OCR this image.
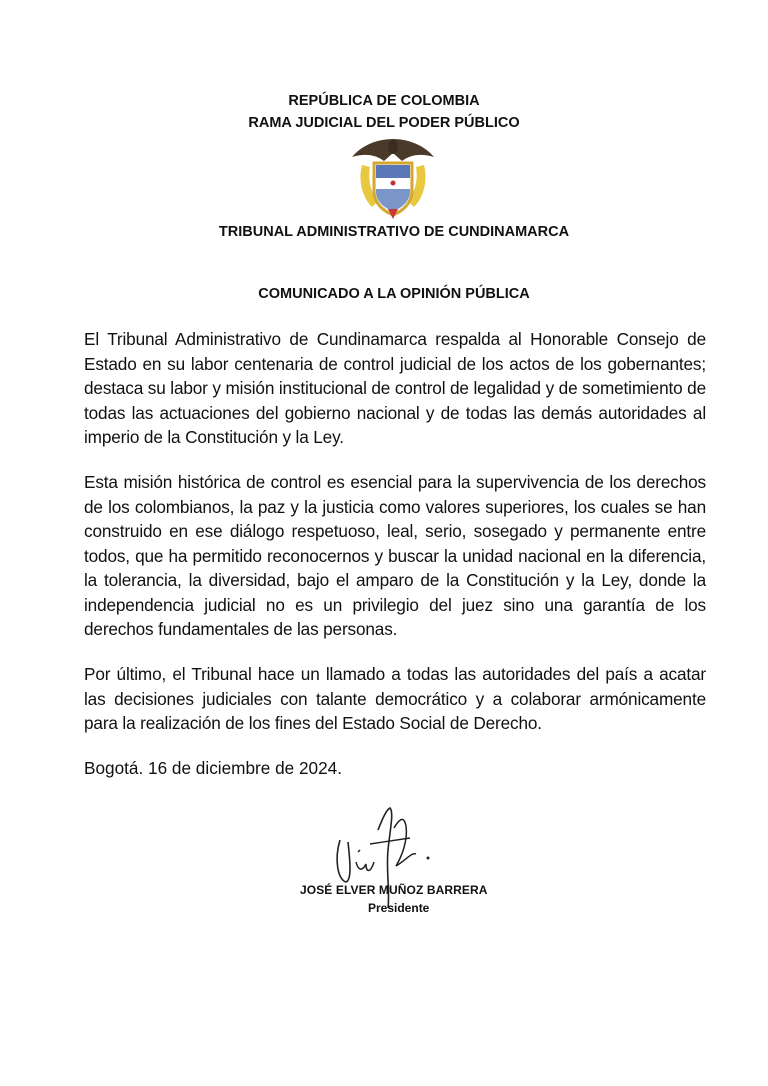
REPÚBLICA DE COLOMBIA
RAMA JUDICIAL DEL PODER PÚBLICO
TRIBUNAL ADMINISTRATIVO DE CUNDINAMARCA
COMUNICADO A LA OPINIÓN PÚBLICA

El Tribunal Administrativo de Cundinamarca respalda al Honorable Consejo de Estado en su labor centenaria de control judicial de los actos de los gobernantes; destaca su labor y misión institucional de control de legalidad y de sometimiento de todas las actuaciones del gobierno nacional y de todas las demás autoridades al imperio de la Constitución y la Ley.

Esta misión histórica de control es esencial para la supervivencia de los derechos de los colombianos, la paz y la justicia como valores superiores, los cuales se han construido en ese diálogo respetuoso, leal, serio, sosegado y permanente entre todos, que ha permitido reconocernos y buscar la unidad nacional en la diferencia, la tolerancia, la diversidad, bajo el amparo de la Constitución y la Ley, donde la independencia judicial no es un privilegio del juez sino una garantía de los derechos fundamentales de las personas.

Por último, el Tribunal hace un llamado a todas las autoridades del país a acatar las decisiones judiciales con talante democrático y a colaborar armónicamente para la realización de los fines del Estado Social de Derecho.

Bogotá. 16 de diciembre de 2024.
JOSÉ ELVER MUÑOZ BARRERA
Presidente
